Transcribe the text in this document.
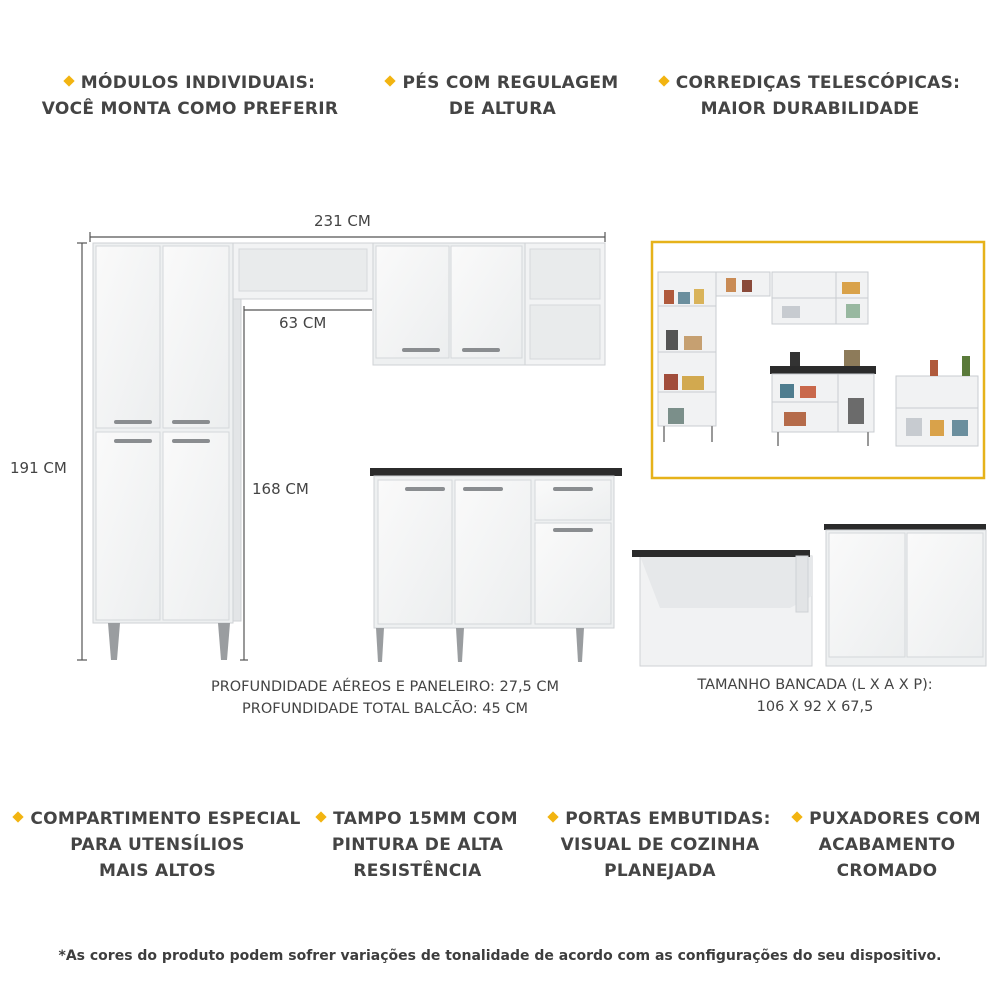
MÓDULOS INDIVIDUAIS:
VOCÊ MONTA COMO PREFERIR
PÉS COM REGULAGEM
DE ALTURA
CORREDIÇAS TELESCÓPICAS:
MAIOR DURABILIDADE
231 CM
191 CM
63 CM
168 CM
PROFUNDIDADE AÉREOS E PANELEIRO: 27,5 CM
PROFUNDIDADE TOTAL BALCÃO: 45 CM
TAMANHO BANCADA (L X A X P):
106 X 92 X 67,5
COMPARTIMENTO ESPECIAL
PARA UTENSÍLIOS
MAIS ALTOS
TAMPO 15MM COM
PINTURA DE ALTA
RESISTÊNCIA
PORTAS EMBUTIDAS:
VISUAL DE COZINHA
PLANEJADA
PUXADORES COM
ACABAMENTO
CROMADO
*As cores do produto podem sofrer variações de tonalidade de acordo com as configurações do seu dispositivo.
